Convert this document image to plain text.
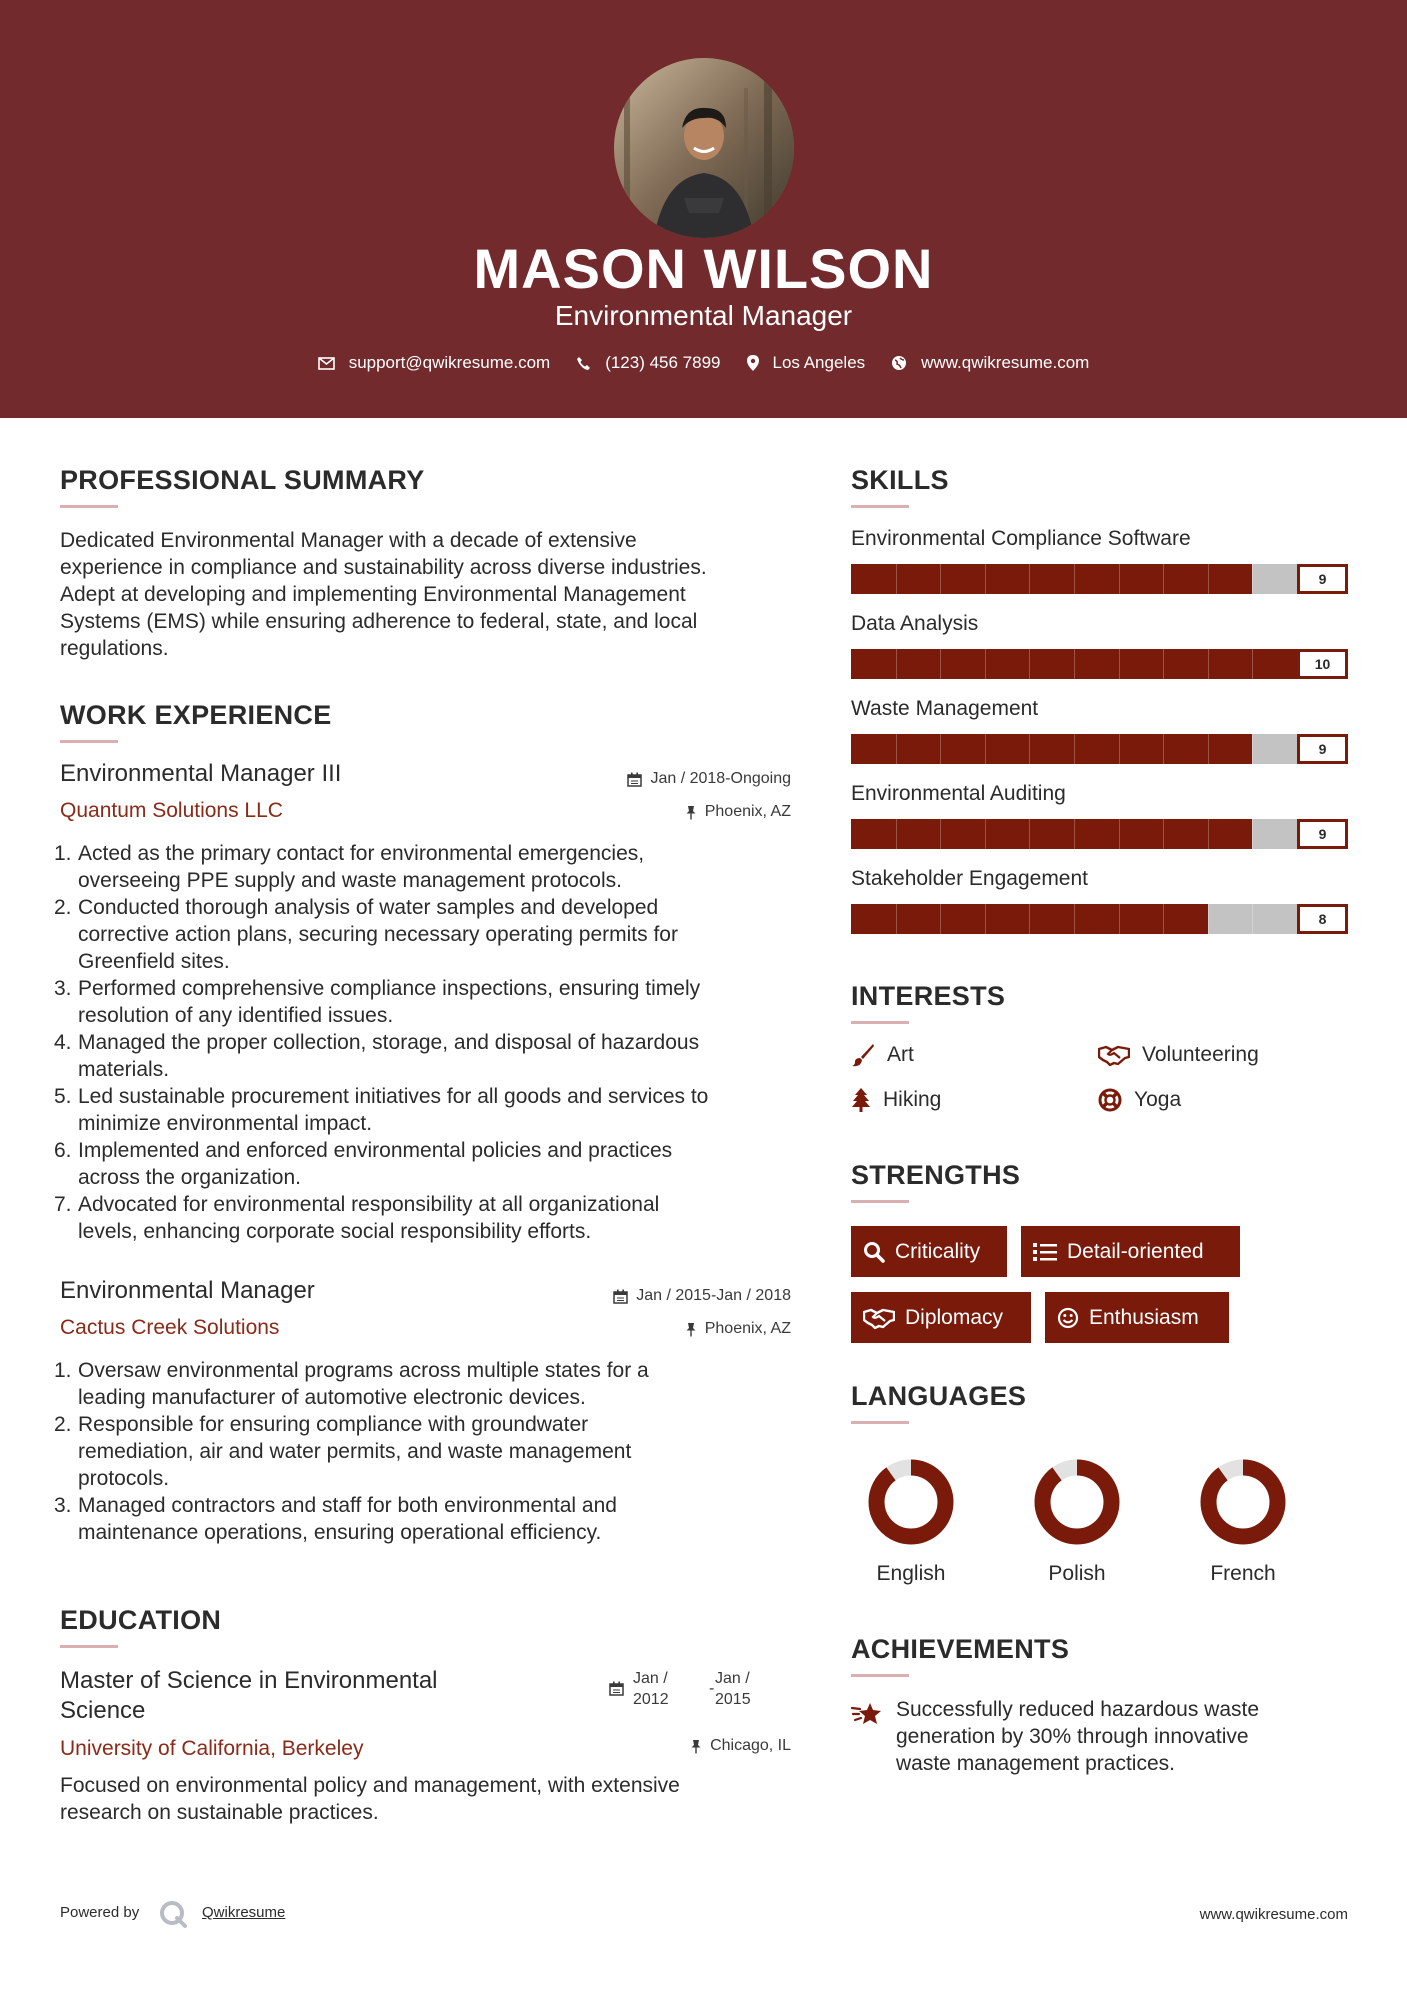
MASON WILSON
Environmental Manager
support@qwikresume.com	(123) 456 7899	Los Angeles	www.qwikresume.com
PROFESSIONAL SUMMARY
Dedicated Environmental Manager with a decade of extensive
experience in compliance and sustainability across diverse industries.
Adept at developing and implementing Environmental Management
Systems (EMS) while ensuring adherence to federal, state, and local
regulations.
WORK EXPERIENCE
Environmental Manager III	Jan / 2018-Ongoing
Quantum Solutions LLC	Phoenix, AZ
1. Acted as the primary contact for environmental emergencies,
overseeing PPE supply and waste management protocols.
2. Conducted thorough analysis of water samples and developed
corrective action plans, securing necessary operating permits for
Greenfield sites.
3. Performed comprehensive compliance inspections, ensuring timely
resolution of any identified issues.
4. Managed the proper collection, storage, and disposal of hazardous
materials.
5. Led sustainable procurement initiatives for all goods and services to
minimize environmental impact.
6. Implemented and enforced environmental policies and practices
across the organization.
7. Advocated for environmental responsibility at all organizational
levels, enhancing corporate social responsibility efforts.
Environmental Manager	Jan / 2015-Jan / 2018
Cactus Creek Solutions	Phoenix, AZ
1. Oversaw environmental programs across multiple states for a
leading manufacturer of automotive electronic devices.
2. Responsible for ensuring compliance with groundwater
remediation, air and water permits, and waste management
protocols.
3. Managed contractors and staff for both environmental and
maintenance operations, ensuring operational efficiency.
EDUCATION
Master of Science in Environmental
Science
Jan /
2012
-
Jan /
2015
University of California, Berkeley	Chicago, IL
Focused on environmental policy and management, with extensive
research on sustainable practices.
SKILLS
Environmental Compliance Software
9
Data Analysis
10
Waste Management
9
Environmental Auditing
9
Stakeholder Engagement
8
INTERESTS
Art	Volunteering
Hiking	Yoga
STRENGTHS
Criticality	Detail-oriented
Diplomacy	Enthusiasm
LANGUAGES
English	Polish	French
ACHIEVEMENTS
Successfully reduced hazardous waste
generation by 30% through innovative
waste management practices.
Powered by	Qwikresume	www.qwikresume.com
